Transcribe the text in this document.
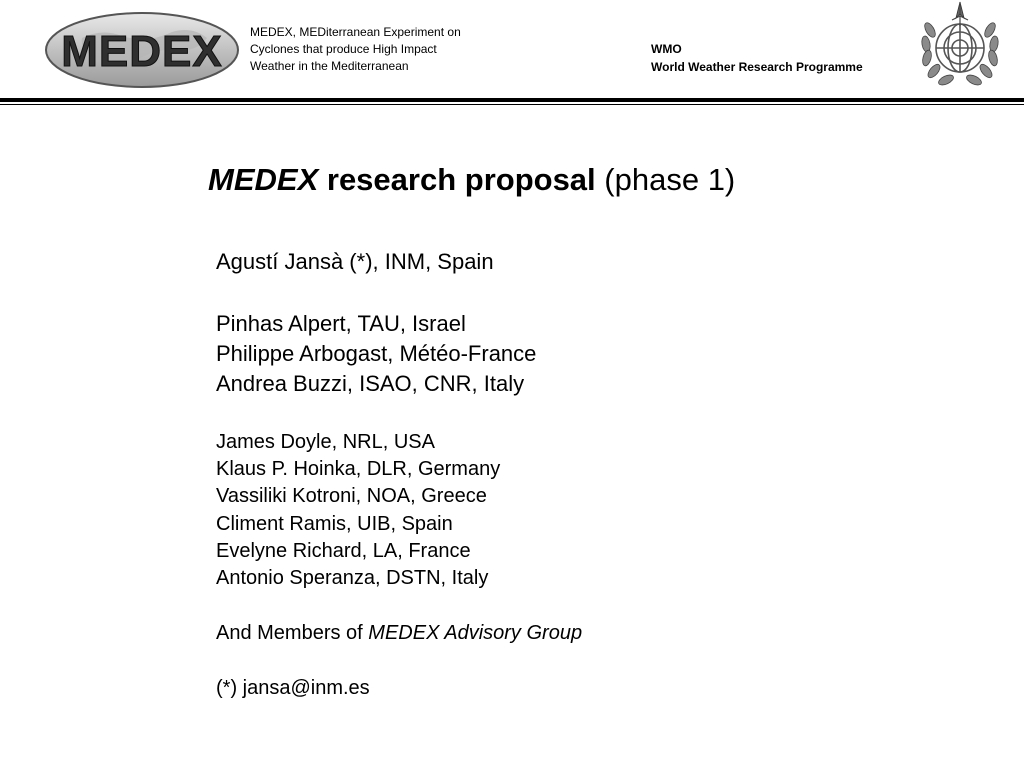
MEDEX MEDEX, MEDiterranean Experiment on
Cyclones that produce High Impact
Weather in the Mediterranean
WMO
World Weather Research Programme
MEDEX research proposal (phase 1)
Agustí Jansà (*), INM, Spain
Pinhas Alpert, TAU, Israel
Philippe Arbogast, Météo-France
Andrea Buzzi, ISAO, CNR, Italy
James Doyle, NRL, USA
Klaus P. Hoinka, DLR, Germany
Vassiliki Kotroni, NOA, Greece
Climent Ramis, UIB, Spain
Evelyne Richard, LA, France
Antonio Speranza, DSTN, Italy
And Members of MEDEX Advisory Group
(*) jansa@inm.es
